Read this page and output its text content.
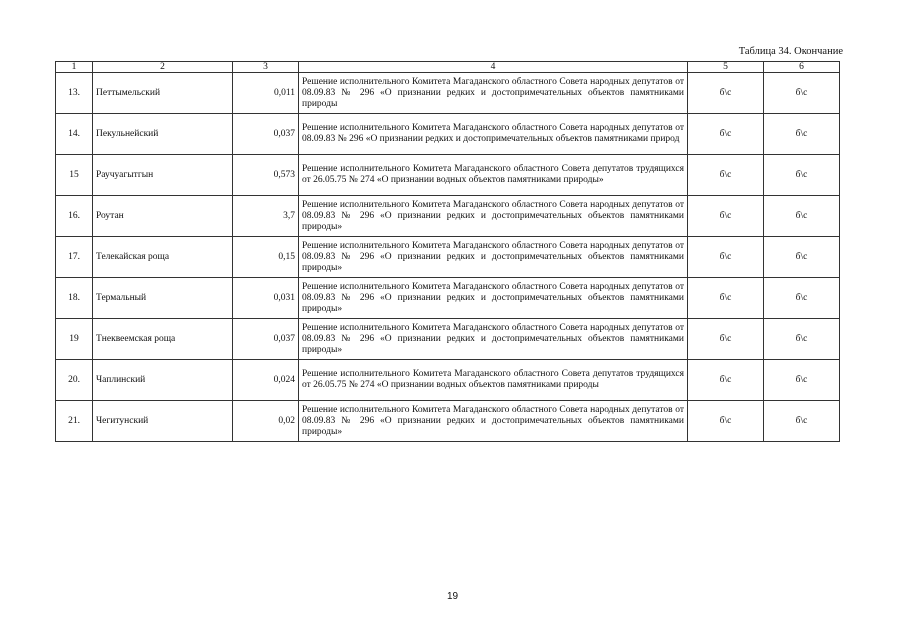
Таблица 34. Окончание
1	2	3	4	5	6
13.	Петтымельский	0,011	Решение исполнительного Комитета Магаданского областного Совета народных депутатов от 08.09.83 № 296 «О признании редких и достопримечательных объектов памятниками природы	б\с	б\с
14.	Пекульнейский	0,037	Решение исполнительного Комитета Магаданского областного Совета народных депутатов от 08.09.83 № 296 «О признании редких и достопримечательных объектов памятниками природ	б\с	б\с
15	Раучуагытгын	0,573	Решение исполнительного Комитета Магаданского областного Совета депутатов трудящихся от 26.05.75 № 274 «О признании водных объектов памятниками природы»	б\с	б\с
16.	Роутан	3,7	Решение исполнительного Комитета Магаданского областного Совета народных депутатов от 08.09.83 № 296 «О признании редких и достопримечательных объектов памятниками природы»	б\с	б\с
17.	Телекайская роща	0,15	Решение исполнительного Комитета Магаданского областного Совета народных депутатов от 08.09.83 № 296 «О признании редких и достопримечательных объектов памятниками природы»	б\с	б\с
18.	Термальный	0,031	Решение исполнительного Комитета Магаданского областного Совета народных депутатов от 08.09.83 № 296 «О признании редких и достопримечательных объектов памятниками природы»	б\с	б\с
19	Тнеквеемская роща	0,037	Решение исполнительного Комитета Магаданского областного Совета народных депутатов от 08.09.83 № 296 «О признании редких и достопримечательных объектов памятниками природы»	б\с	б\с
20.	Чаплинский	0,024	Решение исполнительного Комитета Магаданского областного Совета депутатов трудящихся от 26.05.75 № 274 «О признании водных объектов памятниками природы	б\с	б\с
21.	Чегитунский	0,02	Решение исполнительного Комитета Магаданского областного Совета народных депутатов от 08.09.83 № 296 «О признании редких и достопримечательных объектов памятниками природы»	б\с	б\с
19
